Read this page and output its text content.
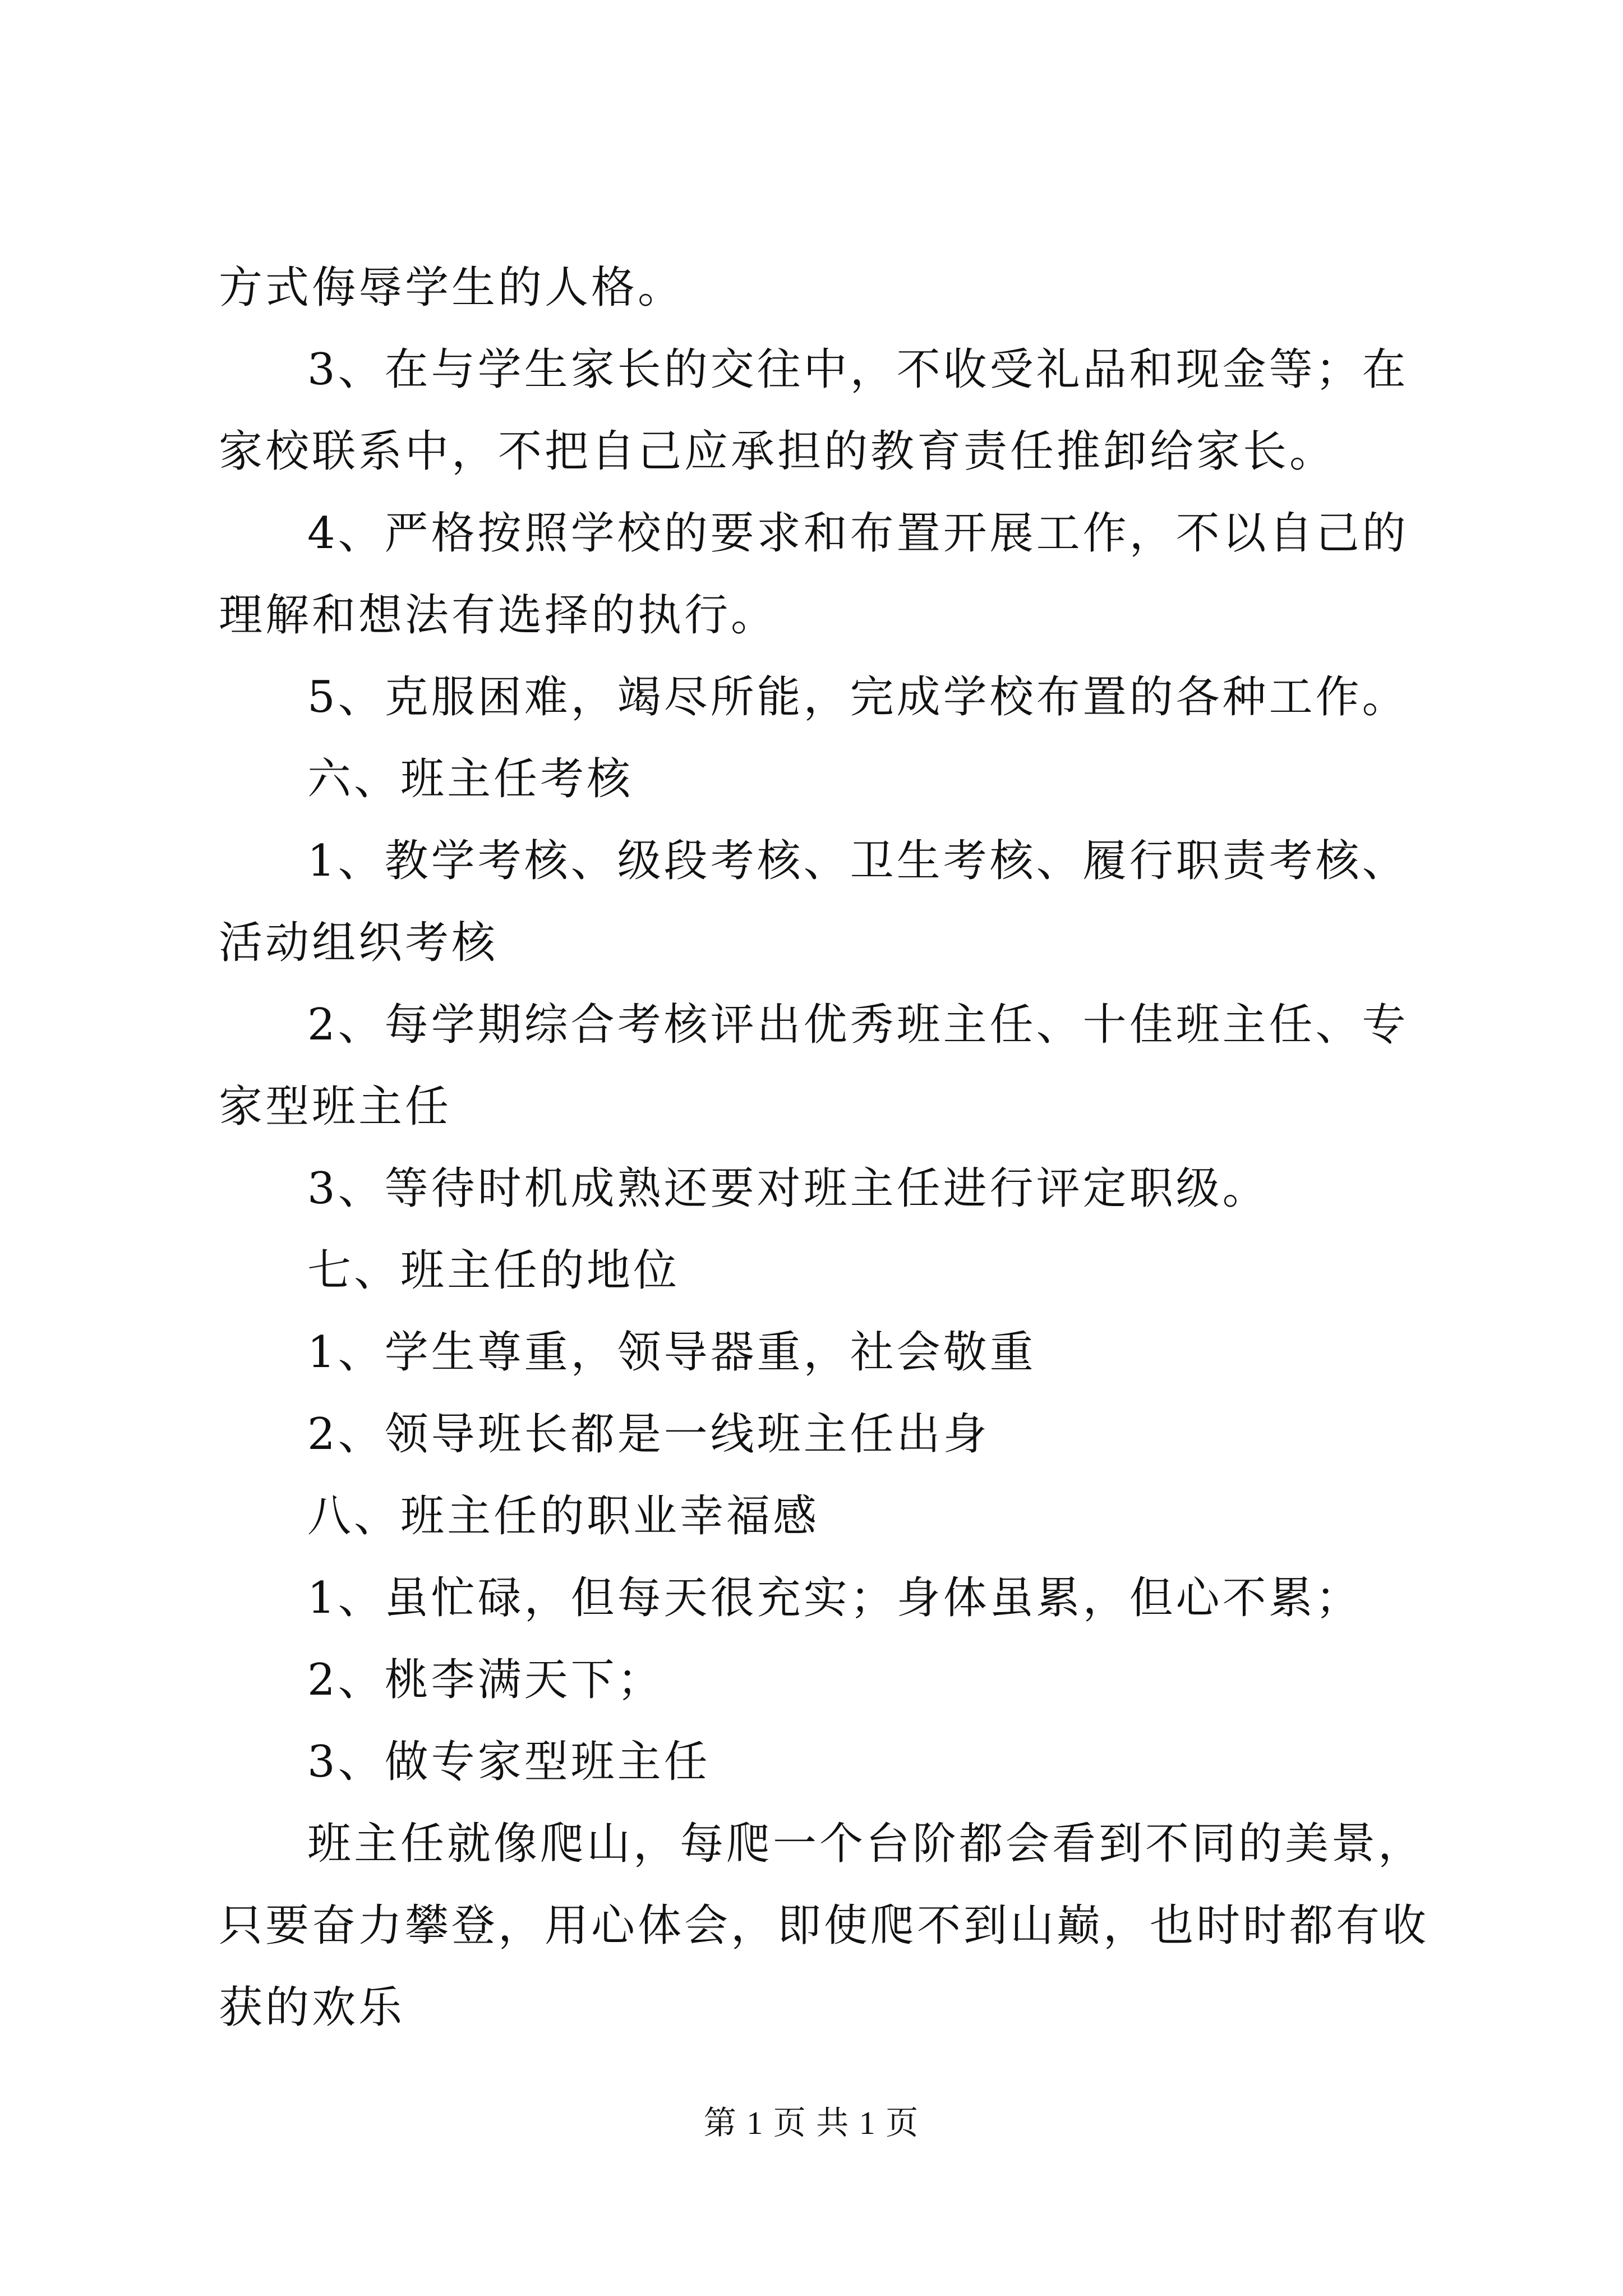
方式侮辱学生的人格。

3、在与学生家长的交往中，不收受礼品和现金等；在家校联系中，不把自己应承担的教育责任推卸给家长。

4、严格按照学校的要求和布置开展工作，不以自己的理解和想法有选择的执行。

5、克服困难，竭尽所能，完成学校布置的各种工作。

六、班主任考核

1、教学考核、级段考核、卫生考核、履行职责考核、活动组织考核

2、每学期综合考核评出优秀班主任、十佳班主任、专家型班主任

3、等待时机成熟还要对班主任进行评定职级。

七、班主任的地位

1、学生尊重，领导器重，社会敬重

2、领导班长都是一线班主任出身

八、班主任的职业幸福感

1、虽忙碌，但每天很充实；身体虽累，但心不累；

2、桃李满天下；

3、做专家型班主任

班主任就像爬山，每爬一个台阶都会看到不同的美景，只要奋力攀登，用心体会，即使爬不到山巅，也时时都有收获的欢乐

第 1 页 共 1 页
